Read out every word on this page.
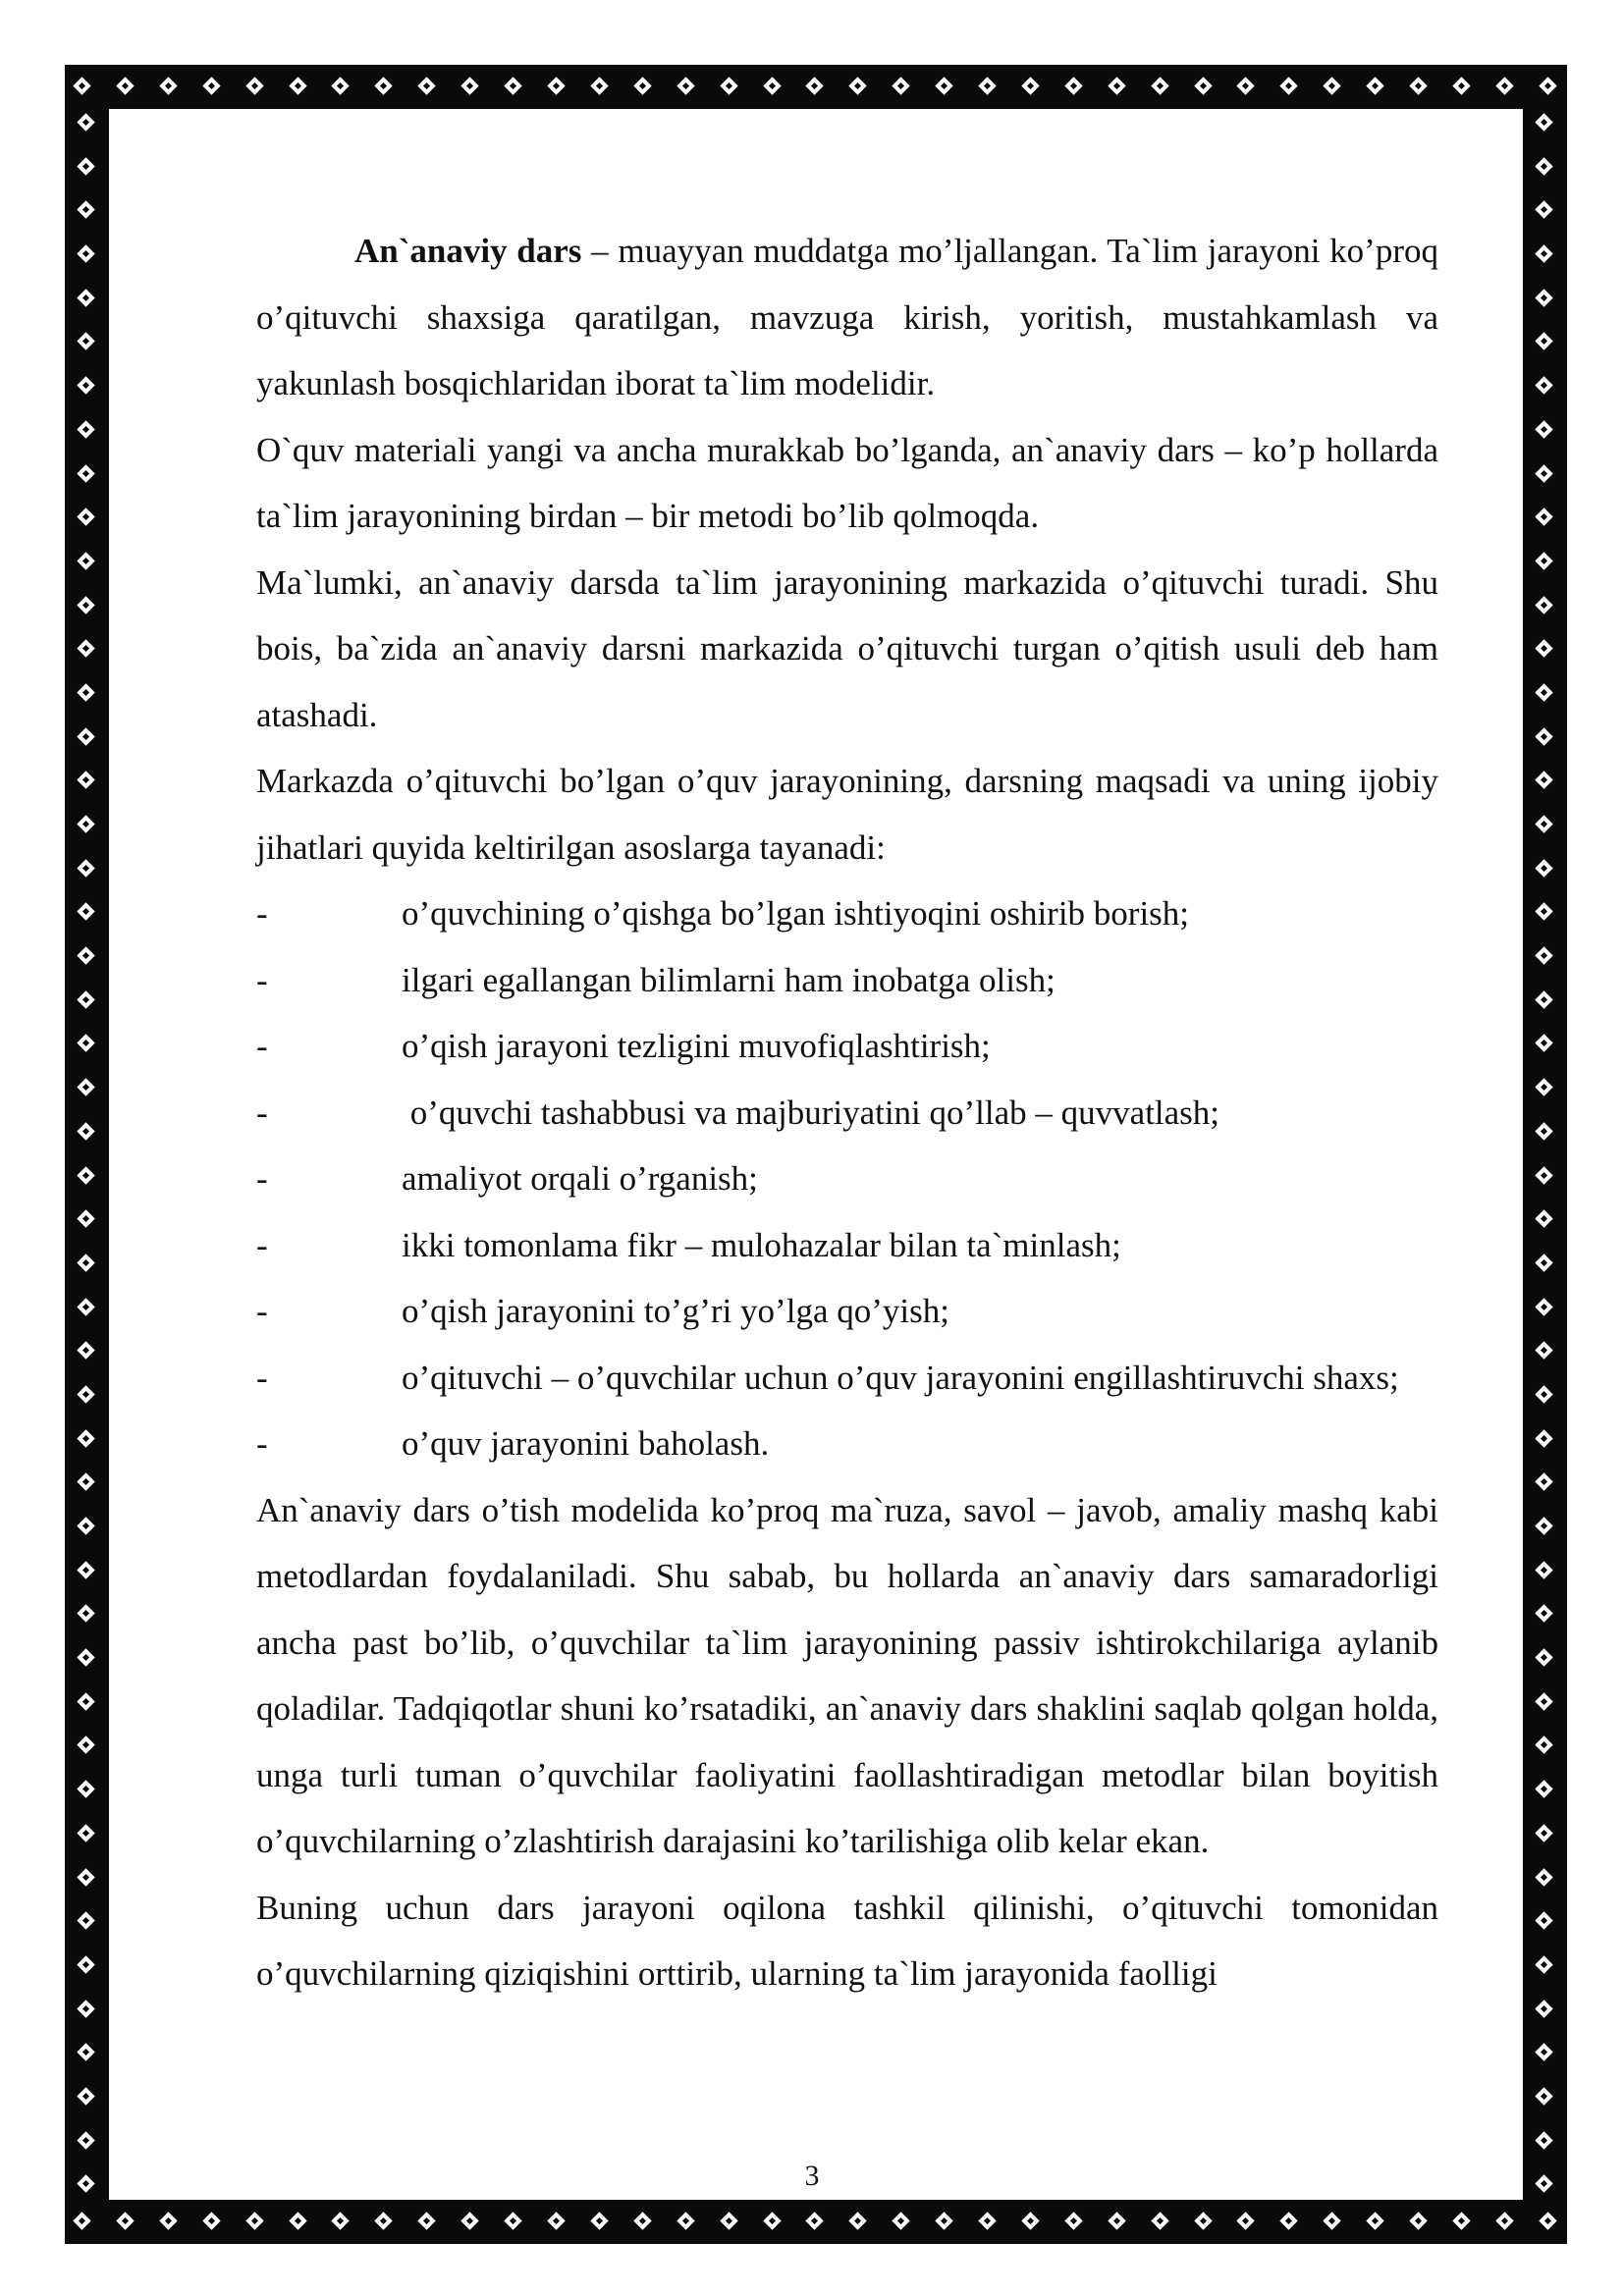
An`anaviy dars – muayyan muddatga mo’ljallangan. Ta`lim jarayoni ko’proq o’qituvchi shaxsiga qaratilgan, mavzuga kirish, yoritish, mustahkamlash va yakunlash bosqichlaridan iborat ta`lim modelidir.

O`quv materiali yangi va ancha murakkab bo’lganda, an`anaviy dars – ko’p hollarda ta`lim jarayonining birdan – bir metodi bo’lib qolmoqda.

Ma`lumki, an`anaviy darsda ta`lim jarayonining markazida o’qituvchi turadi. Shu bois, ba`zida an`anaviy darsni markazida o’qituvchi turgan o’qitish usuli deb ham atashadi.

Markazda o’qituvchi bo’lgan o’quv jarayonining, darsning maqsadi va uning ijobiy jihatlari quyida keltirilgan asoslarga tayanadi:

-	o’quvchining o’qishga bo’lgan ishtiyoqini oshirib borish;

-	ilgari egallangan bilimlarni ham inobatga olish;

-	o’qish jarayoni tezligini muvofiqlashtirish;

-	o’quvchi tashabbusi va majburiyatini qo’llab – quvvatlash;

-	amaliyot orqali o’rganish;

-	ikki tomonlama fikr – mulohazalar bilan ta`minlash;

-	o’qish jarayonini to’g’ri yo’lga qo’yish;

-	o’qituvchi – o’quvchilar uchun o’quv jarayonini engillashtiruvchi shaxs;

-	o’quv jarayonini baholash.

An`anaviy dars o’tish modelida ko’proq ma`ruza, savol – javob, amaliy mashq kabi metodlardan foydalaniladi. Shu sabab, bu hollarda an`anaviy dars samaradorligi ancha past bo’lib, o’quvchilar ta`lim jarayonining passiv ishtirokchilariga aylanib qoladilar. Tadqiqotlar shuni ko’rsatadiki, an`anaviy dars shaklini saqlab qolgan holda, unga turli tuman o’quvchilar faoliyatini faollashtiradigan metodlar bilan boyitish o’quvchilarning o’zlashtirish darajasini ko’tarilishiga olib kelar ekan.

Buning uchun dars jarayoni oqilona tashkil qilinishi, o’qituvchi tomonidan o’quvchilarning qiziqishini orttirib, ularning ta`lim jarayonida faolligi

3
